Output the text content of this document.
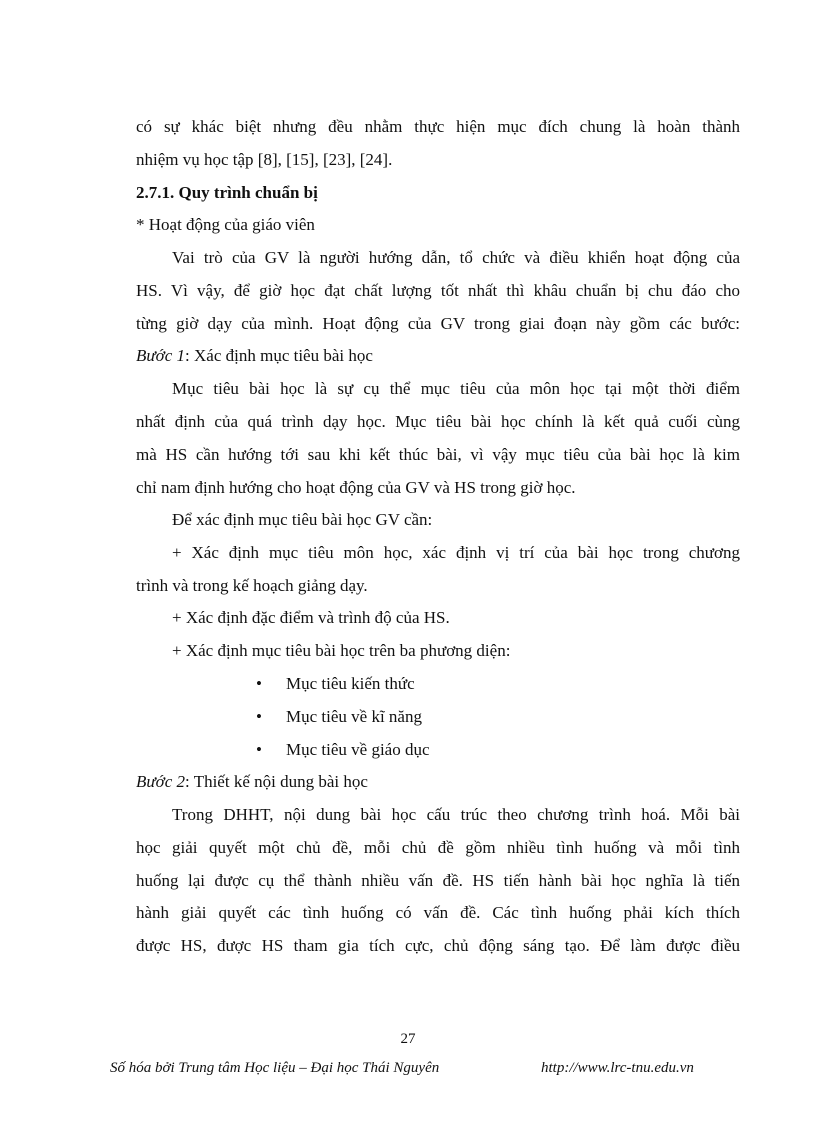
có sự khác biệt nhưng đều nhằm thực hiện mục đích chung là hoàn thành
nhiệm vụ học tập [8], [15], [23], [24].
2.7.1. Quy trình chuẩn bị
* Hoạt động của giáo viên
Vai trò của GV là người hướng dẫn, tổ chức và điều khiển hoạt động của
HS. Vì vậy, để giờ học đạt chất lượng tốt nhất thì khâu chuẩn bị chu đáo cho
từng giờ dạy của mình. Hoạt động của GV trong giai đoạn này gồm các bước:
Bước 1: Xác định mục tiêu bài học
Mục tiêu bài học là sự cụ thể mục tiêu của môn học tại một thời điểm
nhất định của quá trình dạy học. Mục tiêu bài học chính là kết quả cuối cùng
mà HS cần hướng tới sau khi kết thúc bài, vì vậy mục tiêu của bài học là kim
chỉ nam định hướng cho hoạt động của GV và HS trong giờ học.
Để xác định mục tiêu bài học GV cần:
+ Xác định mục tiêu môn học, xác định vị trí của bài học trong chương
trình và trong kế hoạch giảng dạy.
+ Xác định đặc điểm và trình độ của HS.
+ Xác định mục tiêu bài học trên ba phương diện:
• Mục tiêu kiến thức
• Mục tiêu về kĩ năng
• Mục tiêu về giáo dục
Bước 2: Thiết kế nội dung bài học
Trong DHHT, nội dung bài học cấu trúc theo chương trình hoá. Mỗi bài
học giải quyết một chủ đề, mỗi chủ đề gồm nhiều tình huống và mỗi tình
huống lại được cụ thể thành nhiều vấn đề. HS tiến hành bài học nghĩa là tiến
hành giải quyết các tình huống có vấn đề. Các tình huống phải kích thích
được HS, được HS tham gia tích cực, chủ động sáng tạo. Để làm được điều
27
Số hóa bởi Trung tâm Học liệu – Đại học Thái Nguyên	http://www.lrc-tnu.edu.vn
